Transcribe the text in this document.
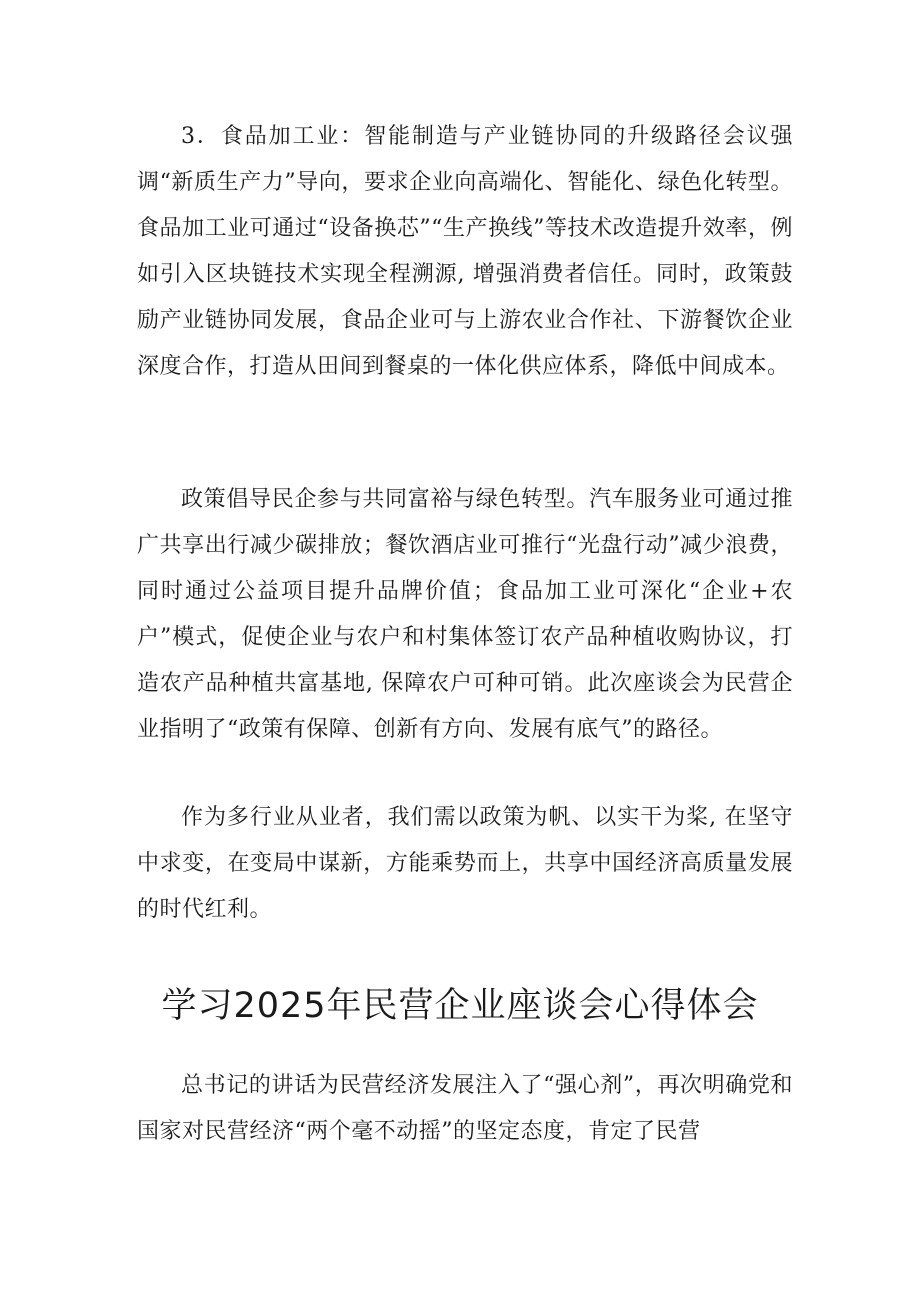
3．食品加工业：智能制造与产业链协同的升级路径会议强调“新质生产力”导向，要求企业向高端化、智能化、绿色化转型。食品加工业可通过“设备换芯”“生产换线”等技术改造提升效率，例如引入区块链技术实现全程溯源, 增强消费者信任。同时，政策鼓励产业链协同发展，食品企业可与上游农业合作社、下游餐饮企业深度合作，打造从田间到餐桌的一体化供应体系，降低中间成本。

政策倡导民企参与共同富裕与绿色转型。汽车服务业可通过推广共享出行减少碳排放；餐饮酒店业可推行“光盘行动”减少浪费，同时通过公益项目提升品牌价值；食品加工业可深化“企业+农户”模式，促使企业与农户和村集体签订农产品种植收购协议，打造农产品种植共富基地, 保障农户可种可销。此次座谈会为民营企业指明了“政策有保障、创新有方向、发展有底气”的路径。

作为多行业从业者，我们需以政策为帆、以实干为桨, 在坚守中求变，在变局中谋新，方能乘势而上，共享中国经济高质量发展的时代红利。

学习2025年民营企业座谈会心得体会

总书记的讲话为民营经济发展注入了“强心剂”，再次明确党和国家对民营经济“两个毫不动摇”的坚定态度，肯定了民营
